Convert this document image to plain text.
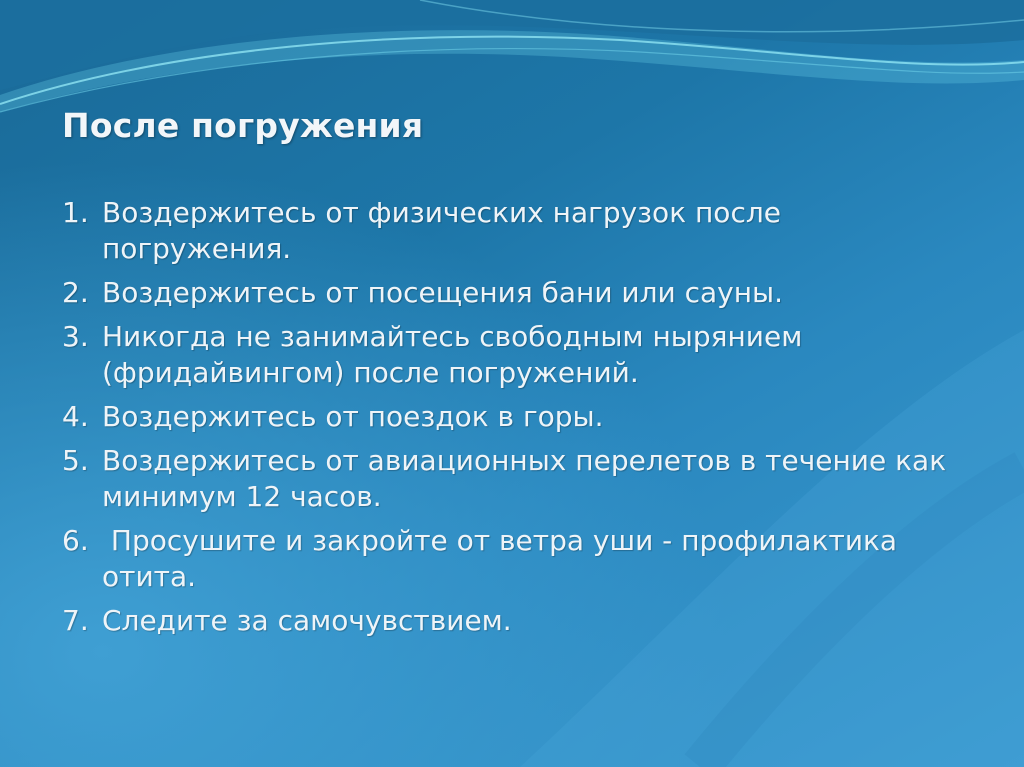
После погружения
1. Воздержитесь от физических нагрузок после погружения.
2. Воздержитесь от посещения бани или сауны.
3. Никогда не занимайтесь свободным нырянием (фридайвингом) после погружений.
4. Воздержитесь от поездок в горы.
5. Воздержитесь от авиационных перелетов в течение как минимум 12 часов.
6. Просушите и закройте от ветра уши - профилактика отита.
7. Следите за самочувствием.
